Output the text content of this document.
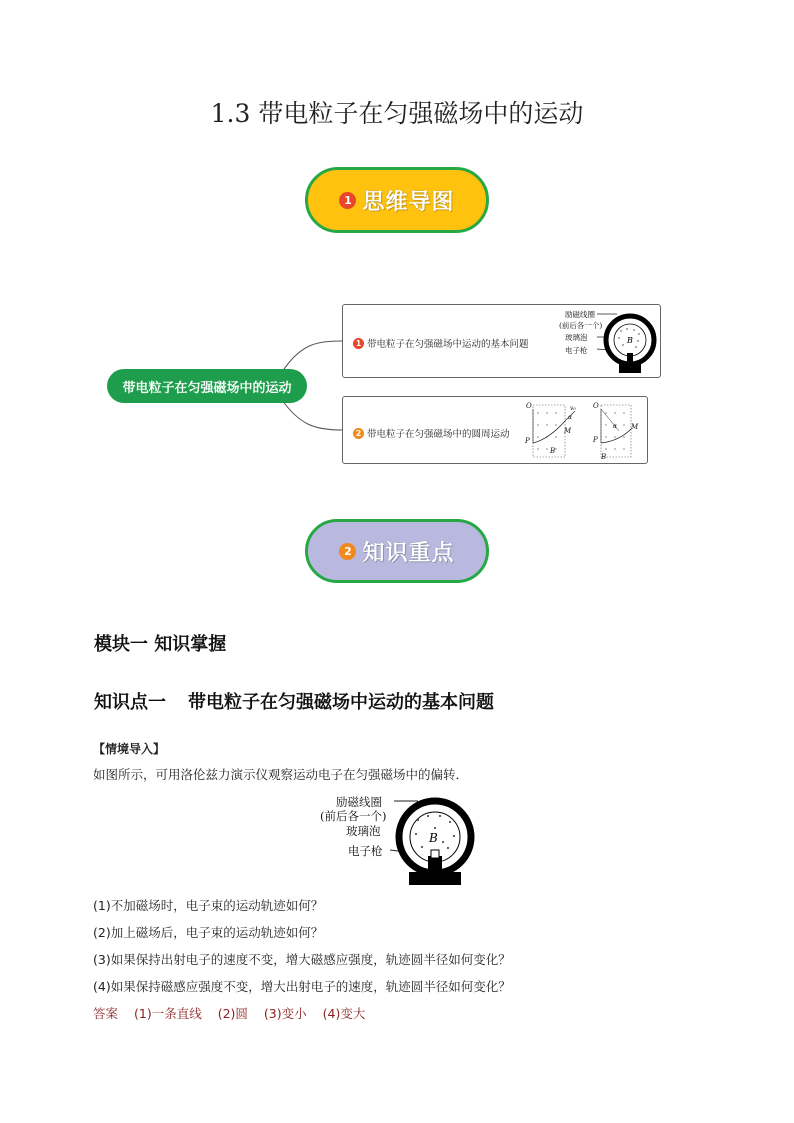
1.3 带电粒子在匀强磁场中的运动
1 思维导图
带电粒子在匀强磁场中的运动
1 带电粒子在匀强磁场中运动的基本问题
励磁线圈
(前后各一个)
玻璃泡
电子枪
B
2 带电粒子在匀强磁场中的圆周运动
O
α
v₀
M
P
B
O
α M
P
B
2 知识重点
模块一 知识掌握
知识点一 带电粒子在匀强磁场中运动的基本问题
【情境导入】
如图所示，可用洛伦兹力演示仪观察运动电子在匀强磁场中的偏转．
励磁线圈
(前后各一个)
玻璃泡
电子枪
B
(1)不加磁场时，电子束的运动轨迹如何？
(2)加上磁场后，电子束的运动轨迹如何？
(3)如果保持出射电子的速度不变，增大磁感应强度，轨迹圆半径如何变化？
(4)如果保持磁感应强度不变，增大出射电子的速度，轨迹圆半径如何变化？
答案 (1)一条直线 (2)圆 (3)变小 (4)变大
